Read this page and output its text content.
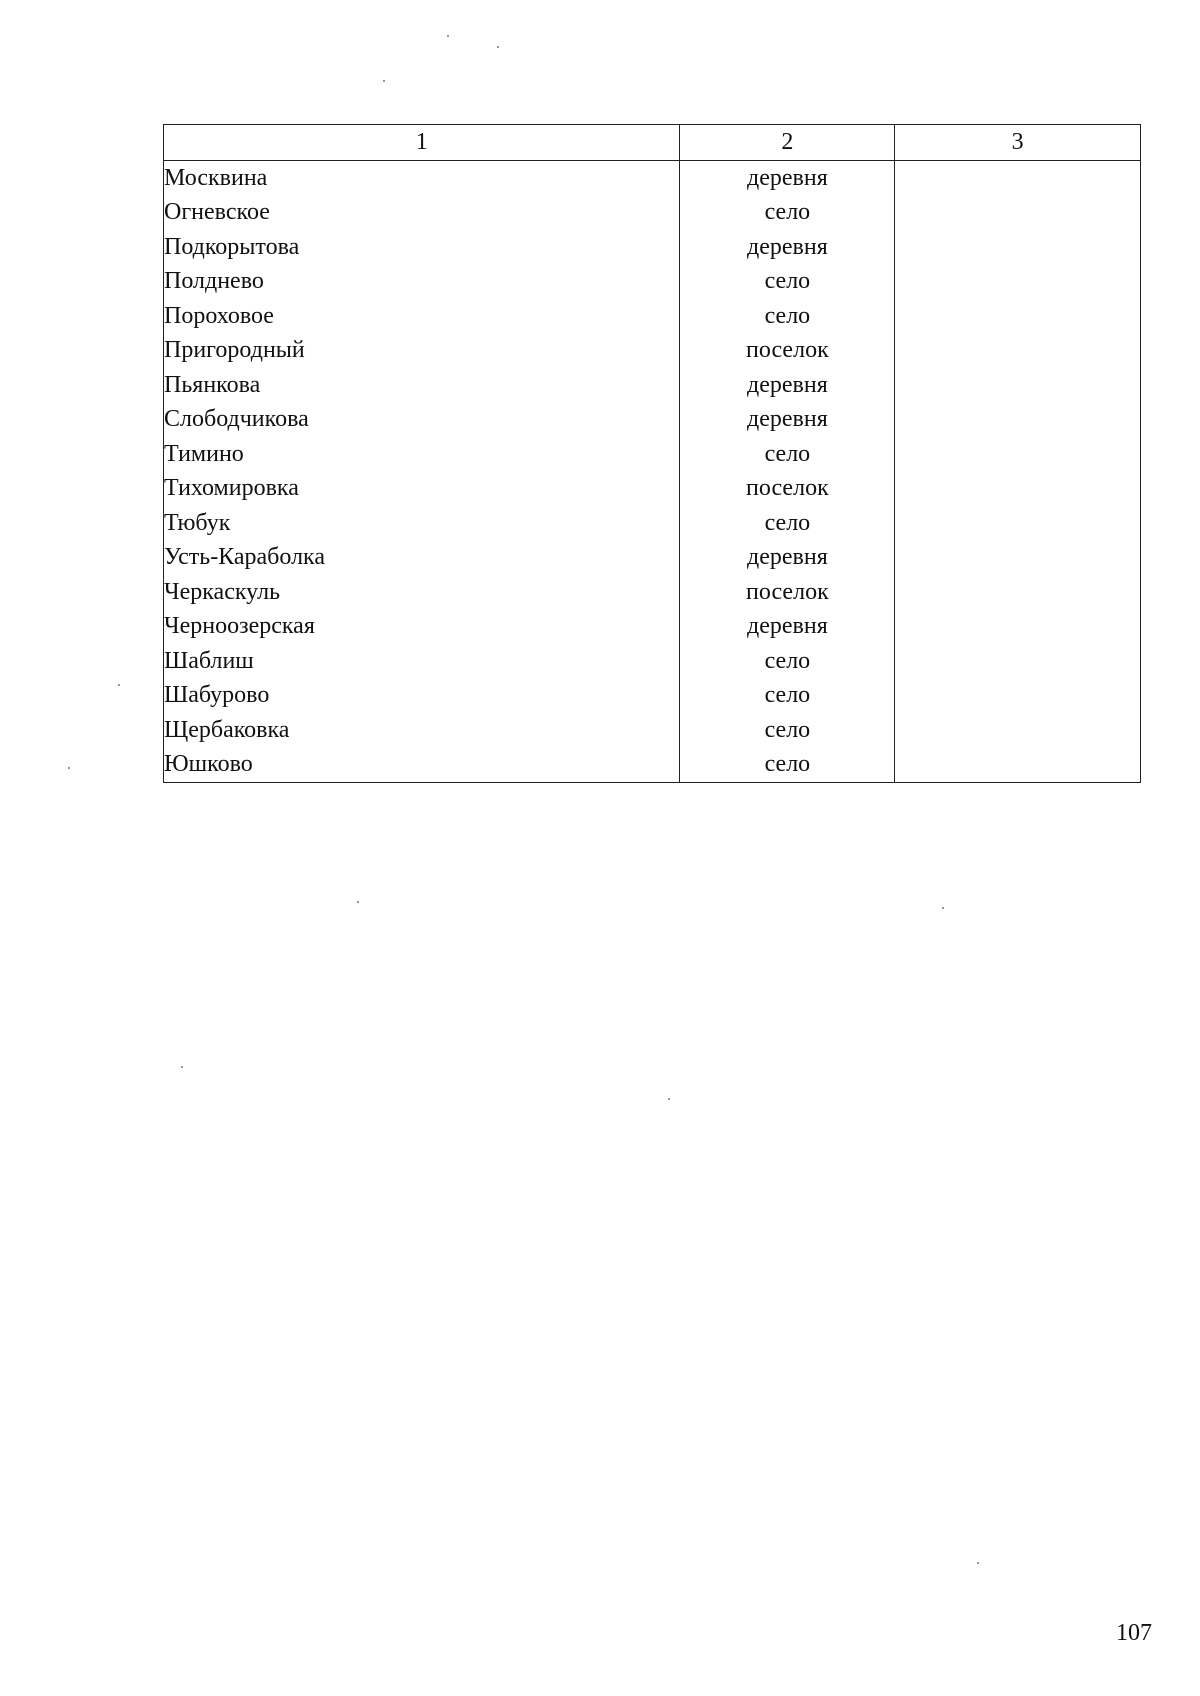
1	2	3
Москвина	деревня	
Огневское	село	
Подкорытова	деревня	
Полднево	село	
Пороховое	село	
Пригородный	поселок	
Пьянкова	деревня	
Слободчикова	деревня	
Тимино	село	
Тихомировка	поселок	
Тюбук	село	
Усть-Караболка	деревня	
Черкаскуль	поселок	
Черноозерская	деревня	
Шаблиш	село	
Шабурово	село	
Щербаковка	село	
Юшково	село	
107
